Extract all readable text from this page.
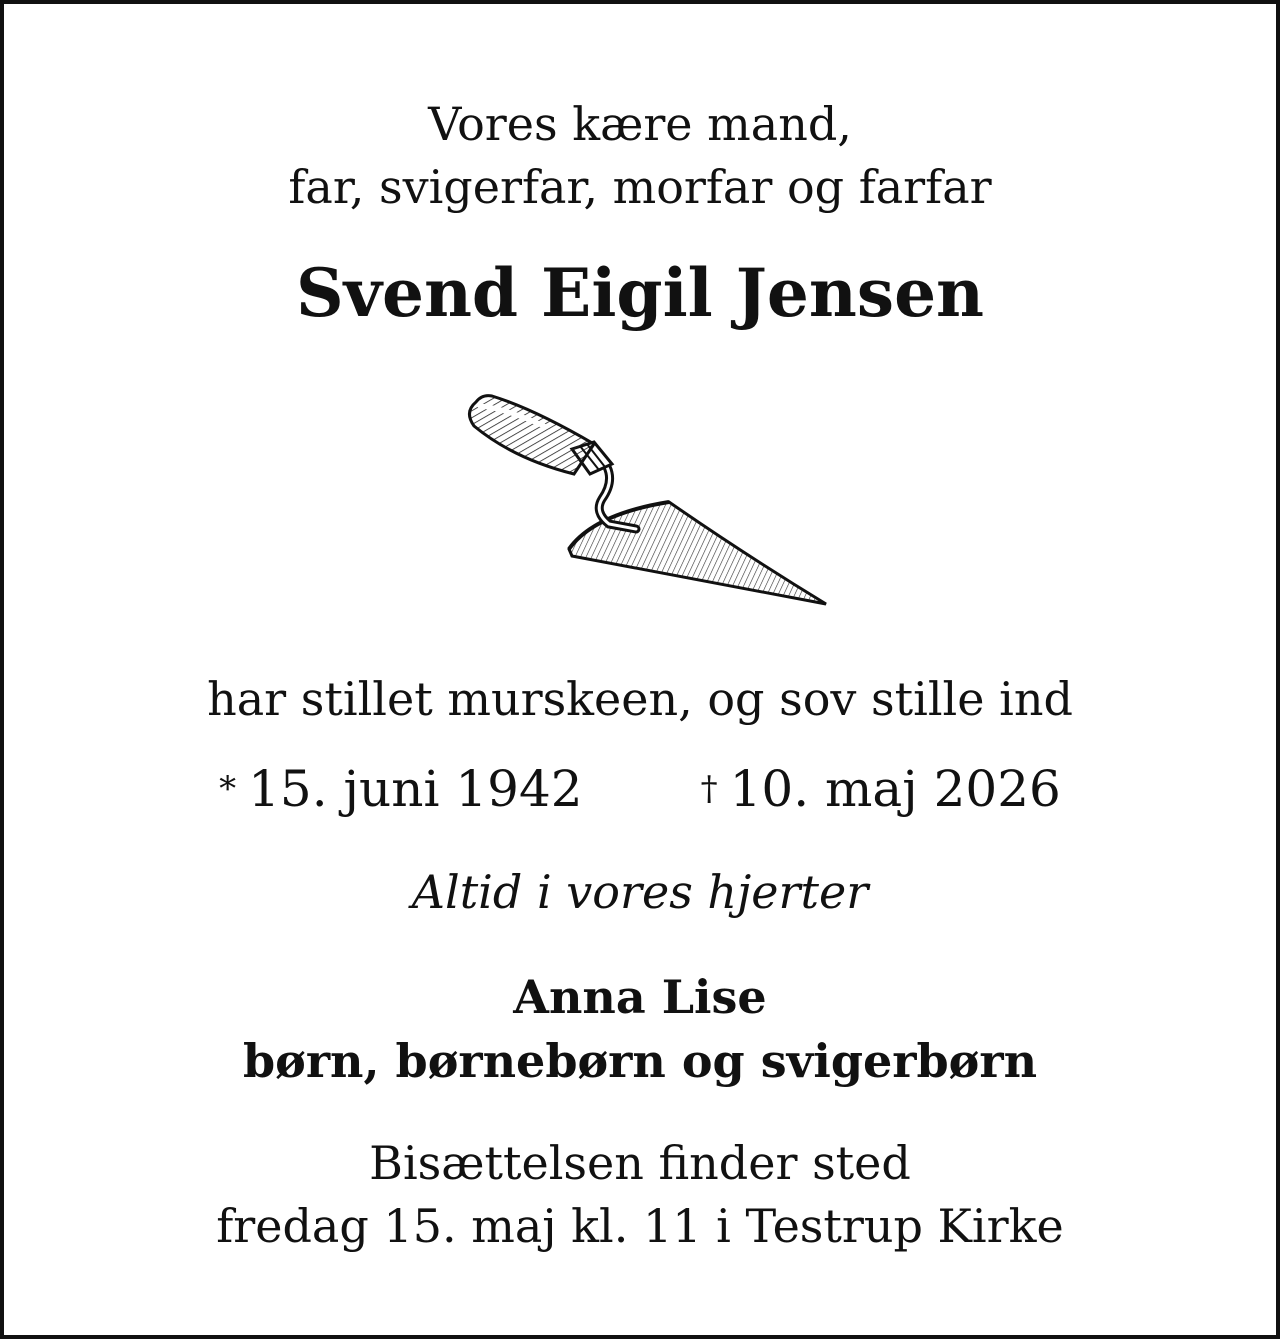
Vores kære mand,
far, svigerfar, morfar og farfar
Svend Eigil Jensen
har stillet murskeen, og sov stille ind
* 15. juni 1942	† 10. maj 2026
Altid i vores hjerter
Anna Lise
børn, børnebørn og svigerbørn
Bisættelsen finder sted
fredag 15. maj kl. 11 i Testrup Kirke
